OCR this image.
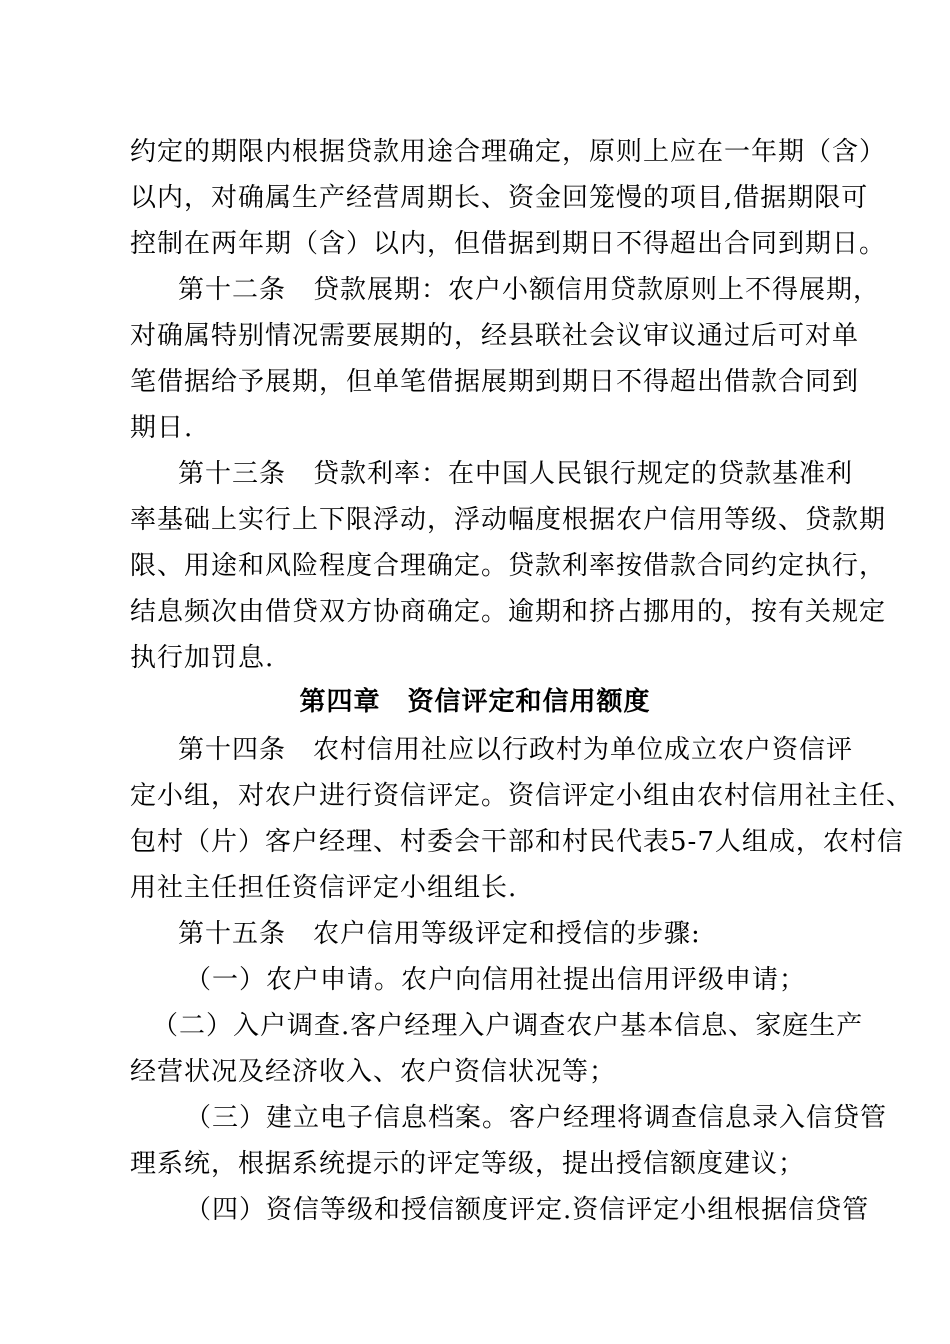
约定的期限内根据贷款用途合理确定，原则上应在一年期（含）
以内，对确属生产经营周期长、资金回笼慢的项目,借据期限可
控制在两年期（含）以内，但借据到期日不得超出合同到期日。
第十二条　贷款展期：农户小额信用贷款原则上不得展期，
对确属特别情况需要展期的，经县联社会议审议通过后可对单
笔借据给予展期，但单笔借据展期到期日不得超出借款合同到
期日.
第十三条　贷款利率：在中国人民银行规定的贷款基准利
率基础上实行上下限浮动，浮动幅度根据农户信用等级、贷款期
限、用途和风险程度合理确定。贷款利率按借款合同约定执行，
结息频次由借贷双方协商确定。逾期和挤占挪用的，按有关规定
执行加罚息.
第四章　资信评定和信用额度
第十四条　农村信用社应以行政村为单位成立农户资信评
定小组，对农户进行资信评定。资信评定小组由农村信用社主任、
包村（片）客户经理、村委会干部和村民代表5-7人组成，农村信
用社主任担任资信评定小组组长.
第十五条　农户信用等级评定和授信的步骤:
（一）农户申请。农户向信用社提出信用评级申请；
（二）入户调查.客户经理入户调查农户基本信息、家庭生产
经营状况及经济收入、农户资信状况等；
（三）建立电子信息档案。客户经理将调查信息录入信贷管
理系统，根据系统提示的评定等级，提出授信额度建议；
（四）资信等级和授信额度评定.资信评定小组根据信贷管
